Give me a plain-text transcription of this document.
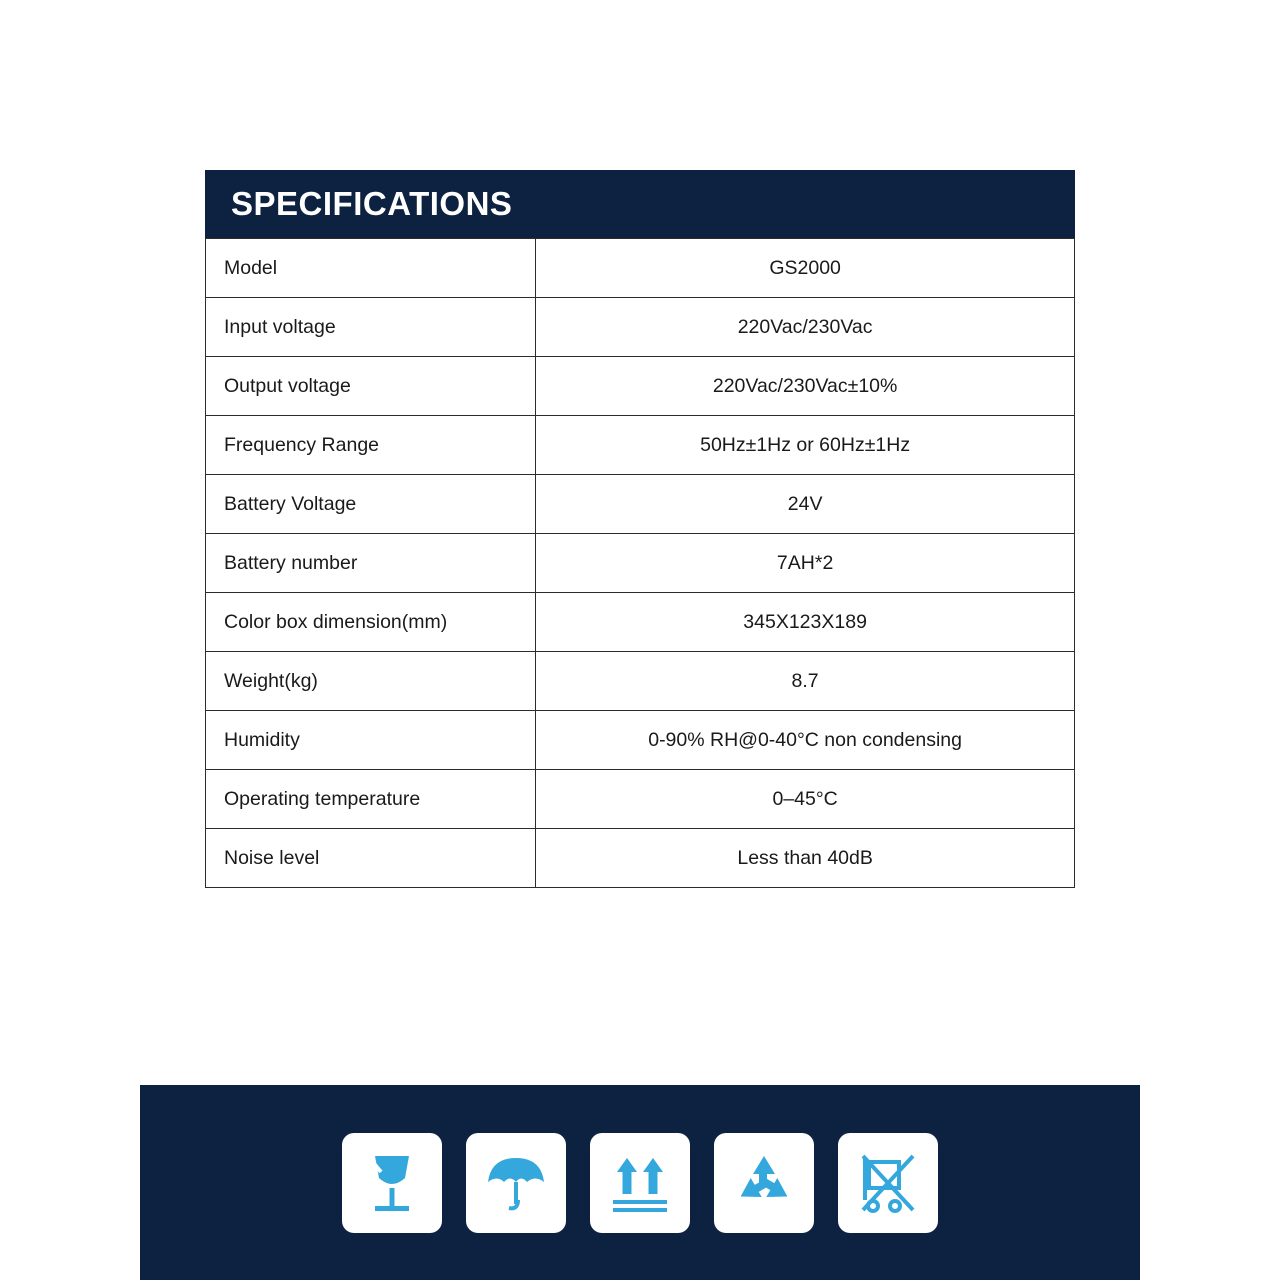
SPECIFICATIONS
Model	GS2000
Input voltage	220Vac/230Vac
Output voltage	220Vac/230Vac±10%
Frequency Range	50Hz±1Hz or 60Hz±1Hz
Battery Voltage	24V
Battery number	7AH*2
Color box dimension(mm)	345X123X189
Weight(kg)	8.7
Humidity	0-90% RH@0-40°C non condensing
Operating temperature	0–45°C
Noise level	Less than 40dB
